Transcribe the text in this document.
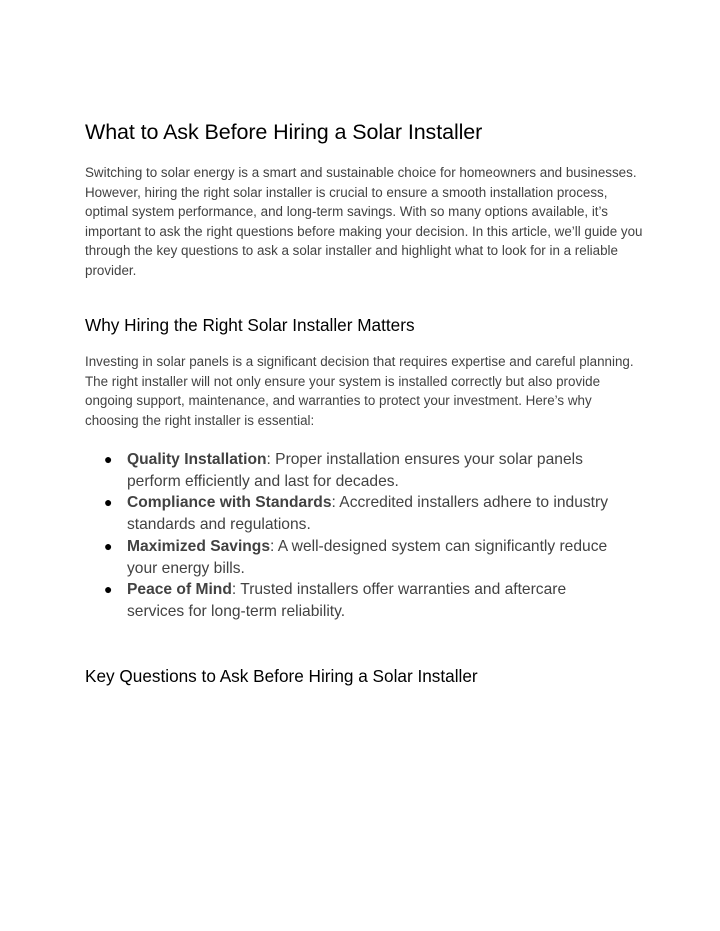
What to Ask Before Hiring a Solar Installer

Switching to solar energy is a smart and sustainable choice for homeowners and businesses. However, hiring the right solar installer is crucial to ensure a smooth installation process, optimal system performance, and long-term savings. With so many options available, it’s important to ask the right questions before making your decision. In this article, we’ll guide you through the key questions to ask a solar installer and highlight what to look for in a reliable provider.

Why Hiring the Right Solar Installer Matters

Investing in solar panels is a significant decision that requires expertise and careful planning. The right installer will not only ensure your system is installed correctly but also provide ongoing support, maintenance, and warranties to protect your investment. Here’s why choosing the right installer is essential:

● Quality Installation: Proper installation ensures your solar panels perform efficiently and last for decades.
● Compliance with Standards: Accredited installers adhere to industry standards and regulations.
● Maximized Savings: A well-designed system can significantly reduce your energy bills.
● Peace of Mind: Trusted installers offer warranties and aftercare services for long-term reliability.
Key Questions to Ask Before Hiring a Solar Installer
